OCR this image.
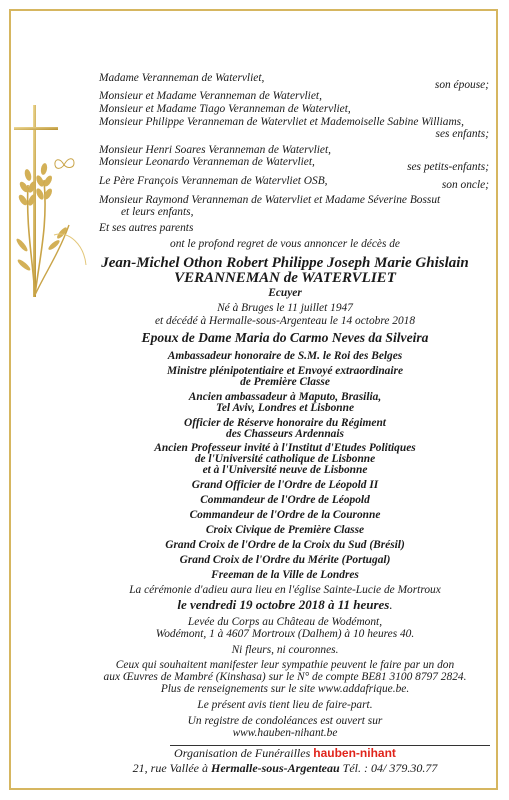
Madame Veranneman de Watervliet,
son épouse;
Monsieur et Madame Veranneman de Watervliet,
Monsieur et Madame Tiago Veranneman de Watervliet,
Monsieur Philippe Veranneman de Watervliet et Mademoiselle Sabine Williams,
ses enfants;
Monsieur Henri Soares Veranneman de Watervliet,
Monsieur Leonardo Veranneman de Watervliet,	ses petits-enfants;
Le Père François Veranneman de Watervliet OSB,	son oncle;
Monsieur Raymond Veranneman de Watervliet et Madame Séverine Bossut
et leurs enfants,
Et ses autres parents
ont le profond regret de vous annoncer le décès de
Jean-Michel Othon Robert Philippe Joseph Marie Ghislain
VERANNEMAN de WATERVLIET
Ecuyer
Né à Bruges le 11 juillet 1947
et décédé à Hermalle-sous-Argenteau le 14 octobre 2018
Epoux de Dame Maria do Carmo Neves da Silveira
Ambassadeur honoraire de S.M. le Roi des Belges
Ministre plénipotentiaire et Envoyé extraordinaire
de Première Classe
Ancien ambassadeur à Maputo, Brasilia,
Tel Aviv, Londres et Lisbonne
Officier de Réserve honoraire du Régiment
des Chasseurs Ardennais
Ancien Professeur invité à l'Institut d'Etudes Politiques
de l'Université catholique de Lisbonne
et à l'Université neuve de Lisbonne
Grand Officier de l'Ordre de Léopold II
Commandeur de l'Ordre de Léopold
Commandeur de l'Ordre de la Couronne
Croix Civique de Première Classe
Grand Croix de l'Ordre de la Croix du Sud (Brésil)
Grand Croix de l'Ordre du Mérite (Portugal)
Freeman de la Ville de Londres
La cérémonie d'adieu aura lieu en l'église Sainte-Lucie de Mortroux
le vendredi 19 octobre 2018 à 11 heures.
Levée du Corps au Château de Wodémont,
Wodémont, 1 à 4607 Mortroux (Dalhem) à 10 heures 40.
Ni fleurs, ni couronnes.
Ceux qui souhaitent manifester leur sympathie peuvent le faire par un don
aux Œuvres de Mambré (Kinshasa) sur le N° de compte BE81 3100 8797 2824.
Plus de renseignements sur le site www.addafrique.be.
Le présent avis tient lieu de faire-part.
Un registre de condoléances est ouvert sur
www.hauben-nihant.be
Organisation de Funérailles hauben-nihant
21, rue Vallée à Hermalle-sous-Argenteau Tél. : 04/ 379.30.77
